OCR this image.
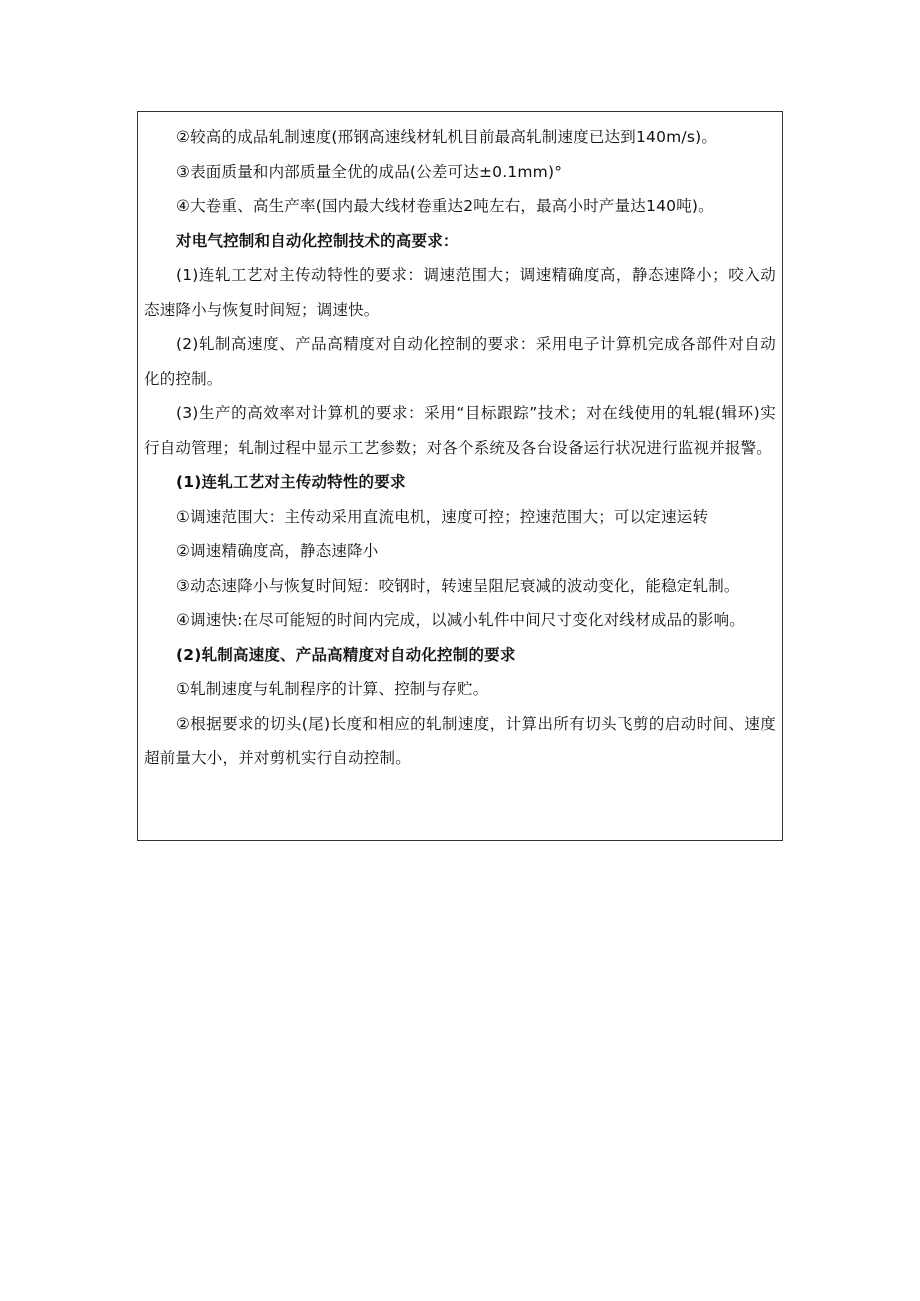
②较高的成品轧制速度(邢钢高速线材轧机目前最高轧制速度已达到140m/s)。

③表面质量和内部质量全优的成品(公差可达±0.1mm)°

④大卷重、高生产率(国内最大线材卷重达2吨左右，最高小时产量达140吨)。

对电气控制和自动化控制技术的高要求：

(1)连轧工艺对主传动特性的要求：调速范围大；调速精确度高，静态速降小；咬入动态速降小与恢复时间短；调速快。

(2)轧制高速度、产品高精度对自动化控制的要求：采用电子计算机完成各部件对自动化的控制。

(3)生产的高效率对计算机的要求：采用“目标跟踪”技术；对在线使用的轧辊(辑环)实行自动管理；轧制过程中显示工艺参数；对各个系统及各台设备运行状况进行监视并报警。

(1)连轧工艺对主传动特性的要求

①调速范围大：主传动采用直流电机，速度可控；控速范围大；可以定速运转

②调速精确度高，静态速降小

③动态速降小与恢复时间短：咬钢时，转速呈阻尼衰减的波动变化，能稳定轧制。

④调速快:在尽可能短的时间内完成，以减小轧件中间尺寸变化对线材成品的影响。

(2)轧制高速度、产品高精度对自动化控制的要求

①轧制速度与轧制程序的计算、控制与存贮。

②根据要求的切头(尾)长度和相应的轧制速度，计算出所有切头飞剪的启动时间、速度超前量大小，并对剪机实行自动控制。
